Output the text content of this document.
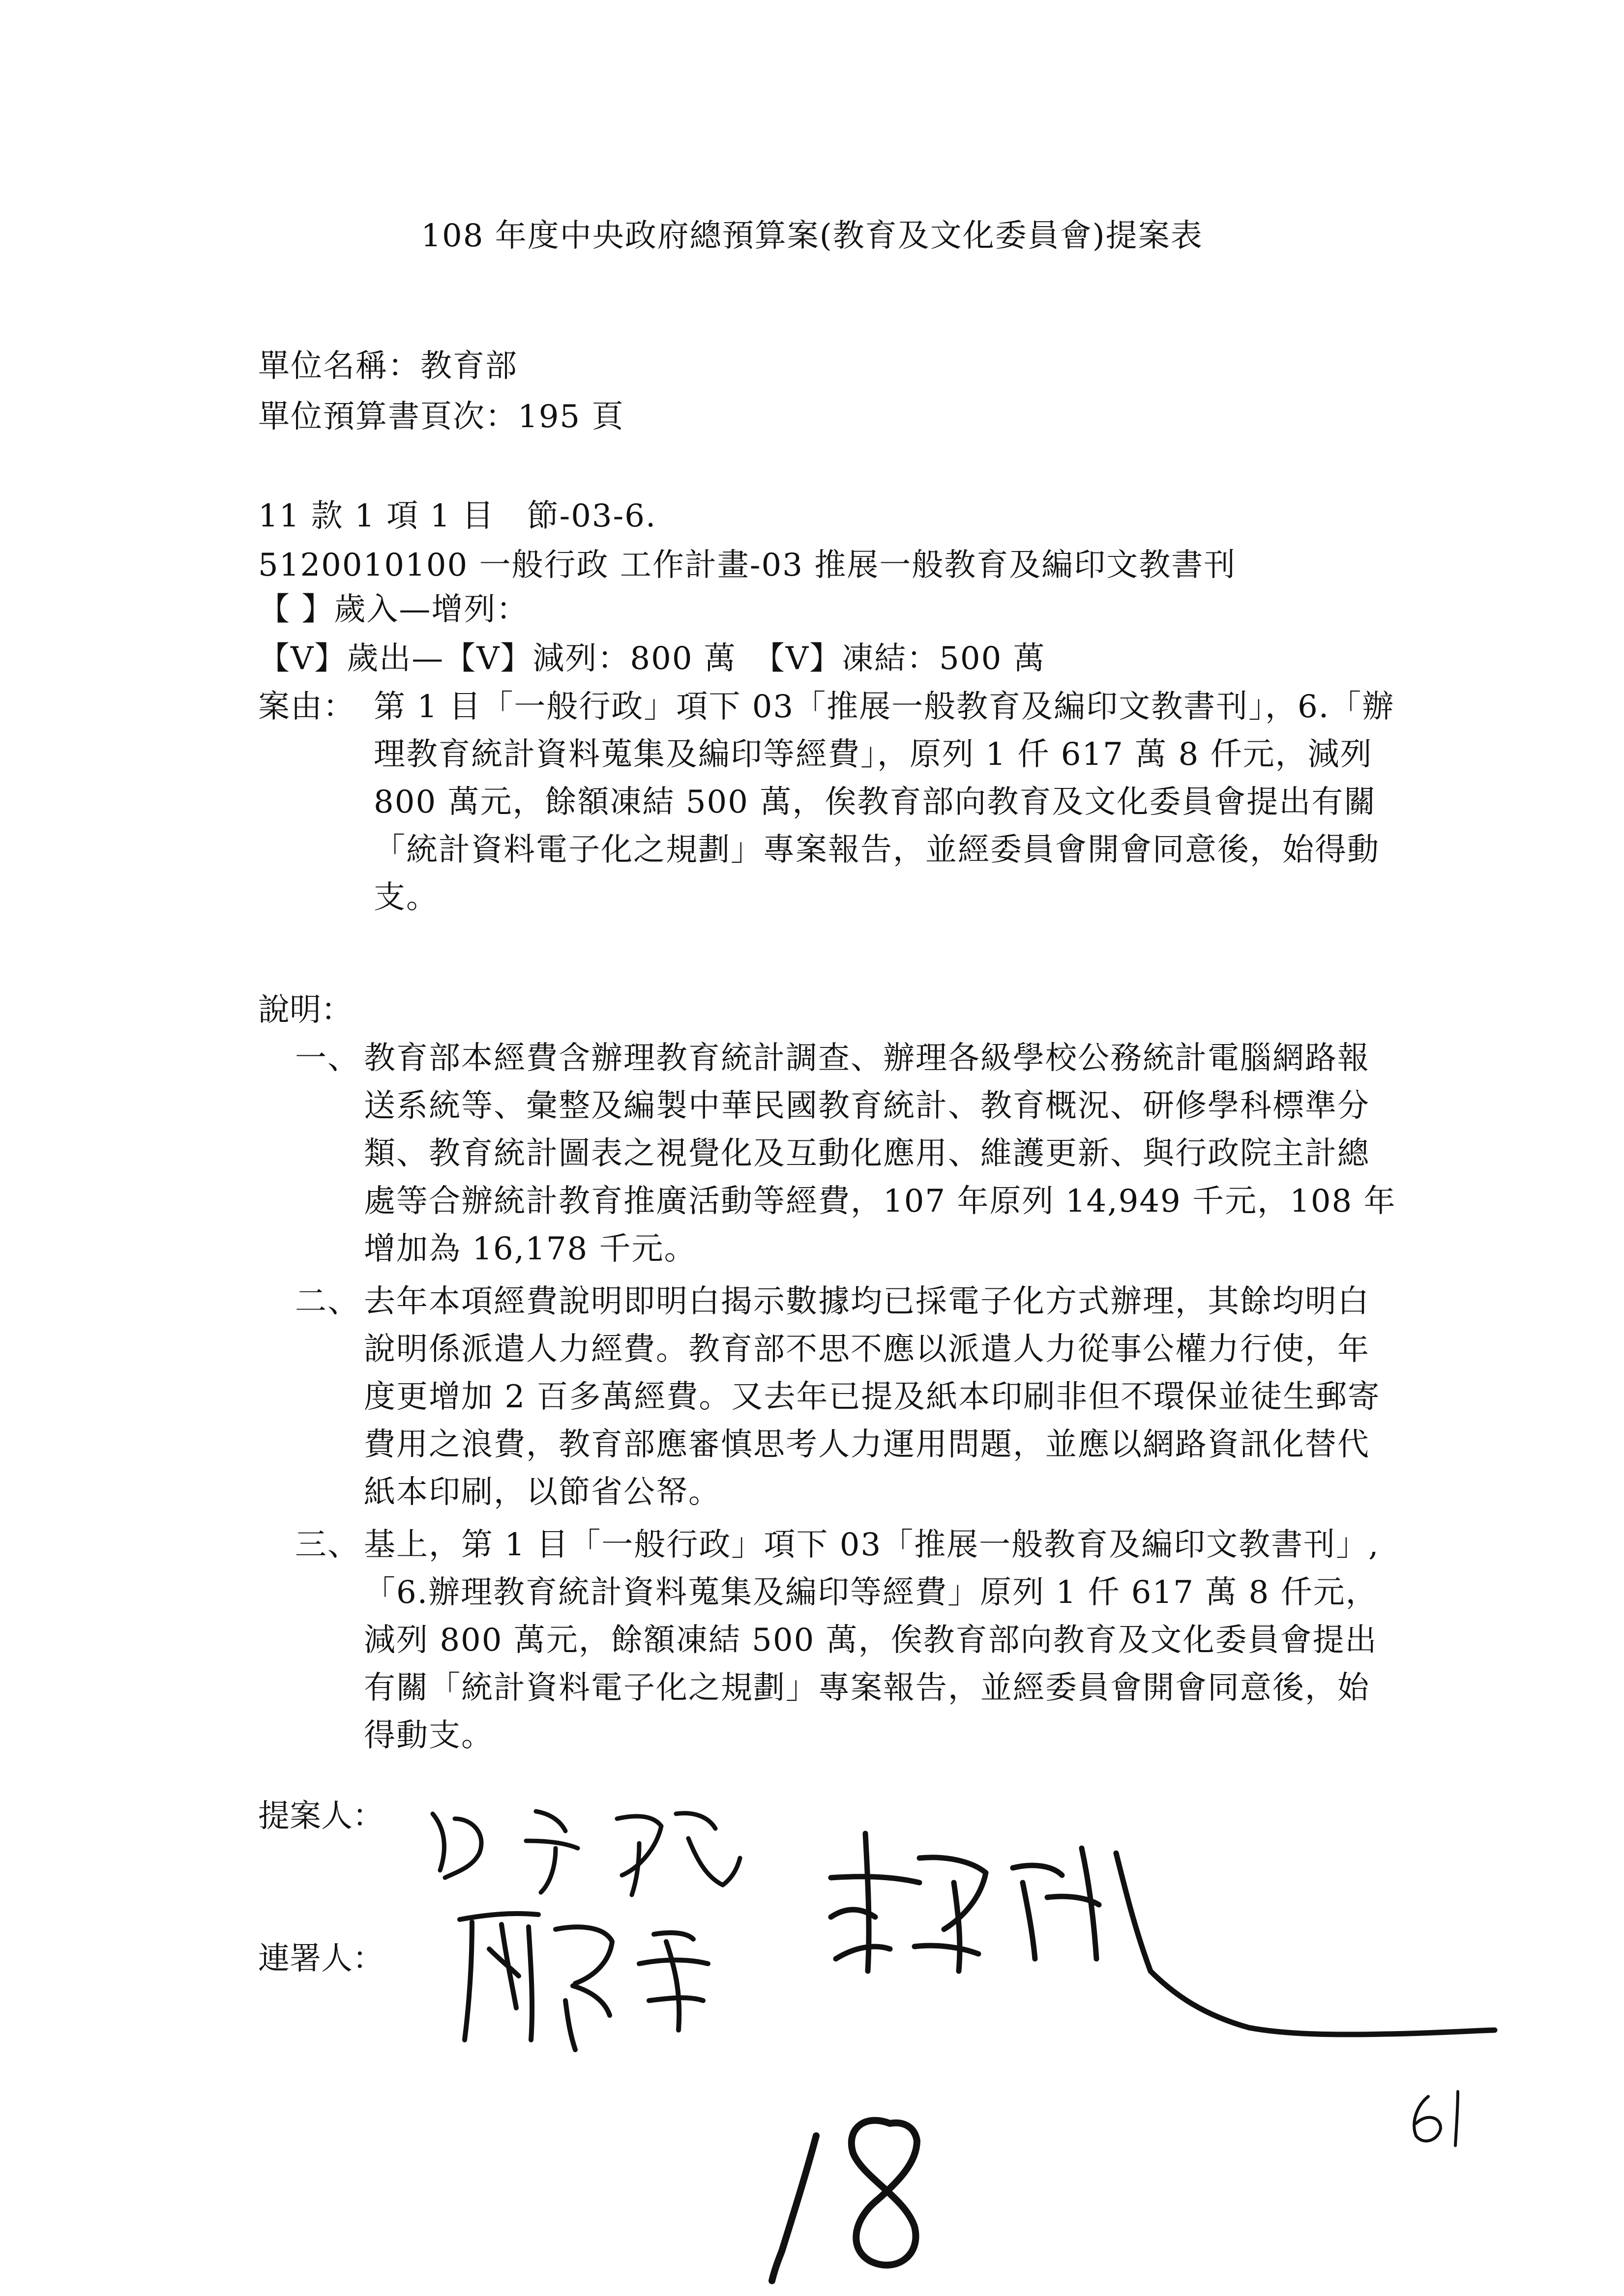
108 年度中央政府總預算案(教育及文化委員會)提案表
單位名稱：教育部
單位預算書頁次：195 頁
11 款 1 項 1 目　節-03-6.
5120010100 一般行政 工作計畫-03 推展一般教育及編印文教書刊
【 】歲入—增列：
【V】歲出—【V】減列：800 萬　【V】凍結：500 萬
案由： 第 1 目「一般行政」項下 03「推展一般教育及編印文教書刊」，6.「辦理教育統計資料蒐集及編印等經費」，原列 1 仟 617 萬 8 仟元，減列 800 萬元，餘額凍結 500 萬，俟教育部向教育及文化委員會提出有關「統計資料電子化之規劃」專案報告，並經委員會開會同意後，始得動支。
說明：
一、 教育部本經費含辦理教育統計調查、辦理各級學校公務統計電腦網路報送系統等、彙整及編製中華民國教育統計、教育概況、研修學科標準分類、教育統計圖表之視覺化及互動化應用、維護更新、與行政院主計總處等合辦統計教育推廣活動等經費，107 年原列 14,949 千元，108 年增加為 16,178 千元。
二、 去年本項經費說明即明白揭示數據均已採電子化方式辦理，其餘均明白說明係派遣人力經費。教育部不思不應以派遣人力從事公權力行使，年度更增加 2 百多萬經費。又去年已提及紙本印刷非但不環保並徒生郵寄費用之浪費，教育部應審慎思考人力運用問題，並應以網路資訊化替代紙本印刷，以節省公帑。
三、 基上，第 1 目「一般行政」項下 03「推展一般教育及編印文教書刊」,「6.辦理教育統計資料蒐集及編印等經費」原列 1 仟 617 萬 8 仟元，減列 800 萬元，餘額凍結 500 萬，俟教育部向教育及文化委員會提出有關「統計資料電子化之規劃」專案報告，並經委員會開會同意後，始得動支。
提案人：
連署人：
